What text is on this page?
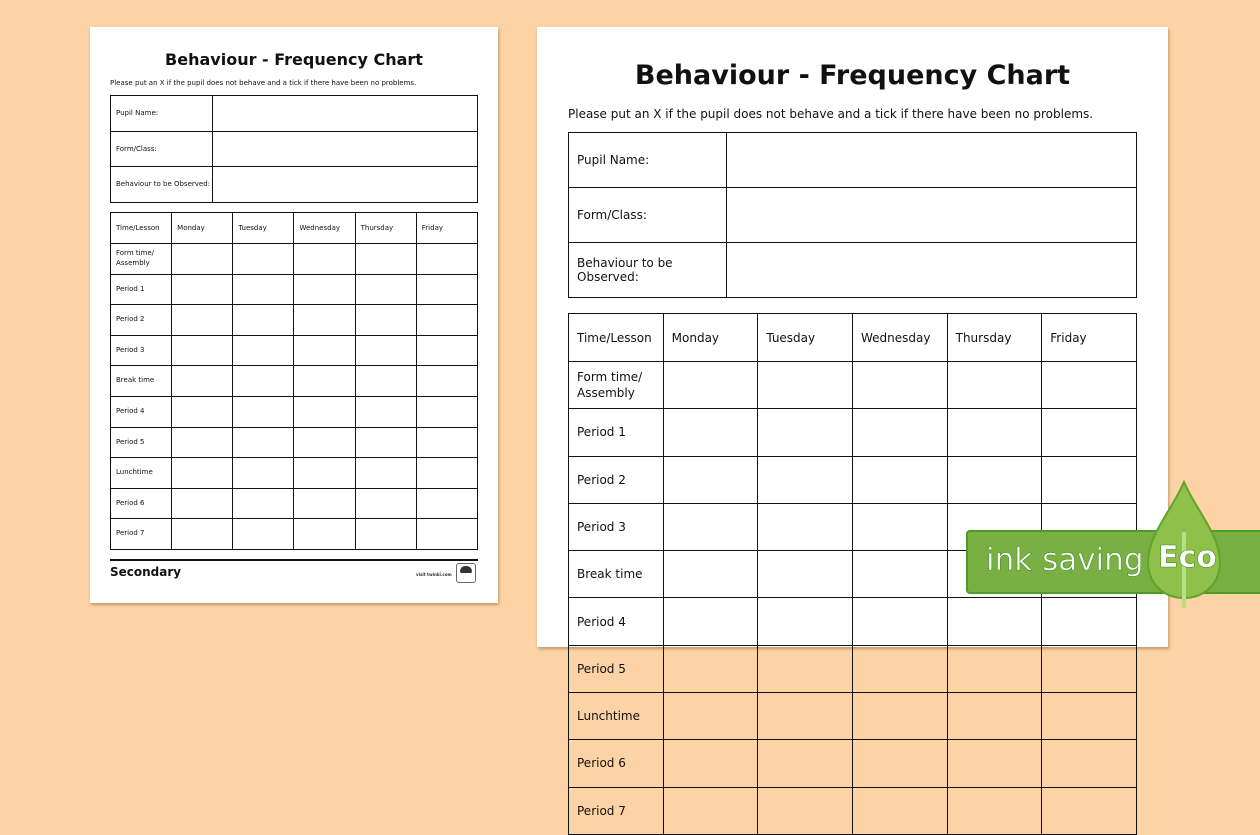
Behaviour - Frequency Chart
Please put an X if the pupil does not behave and a tick if there have been no problems.
Pupil Name:	
Form/Class:	
Behaviour to be Observed:	
Time/Lesson	Monday	Tuesday	Wednesday	Thursday	Friday
Form time/ Assembly					
Period 1					
Period 2					
Period 3					
Break time					
Period 4					
Period 5					
Lunchtime					
Period 6					
Period 7					
Secondary	visit twinkl.com
Behaviour - Frequency Chart
Please put an X if the pupil does not behave and a tick if there have been no problems.
Pupil Name:	
Form/Class:	
Behaviour to be Observed:	
Time/Lesson	Monday	Tuesday	Wednesday	Thursday	Friday
Form time/ Assembly					
Period 1					
Period 2					
Period 3					
Break time					
Period 4					
Period 5					
Lunchtime					
Period 6					
Period 7					
ink saving Eco
